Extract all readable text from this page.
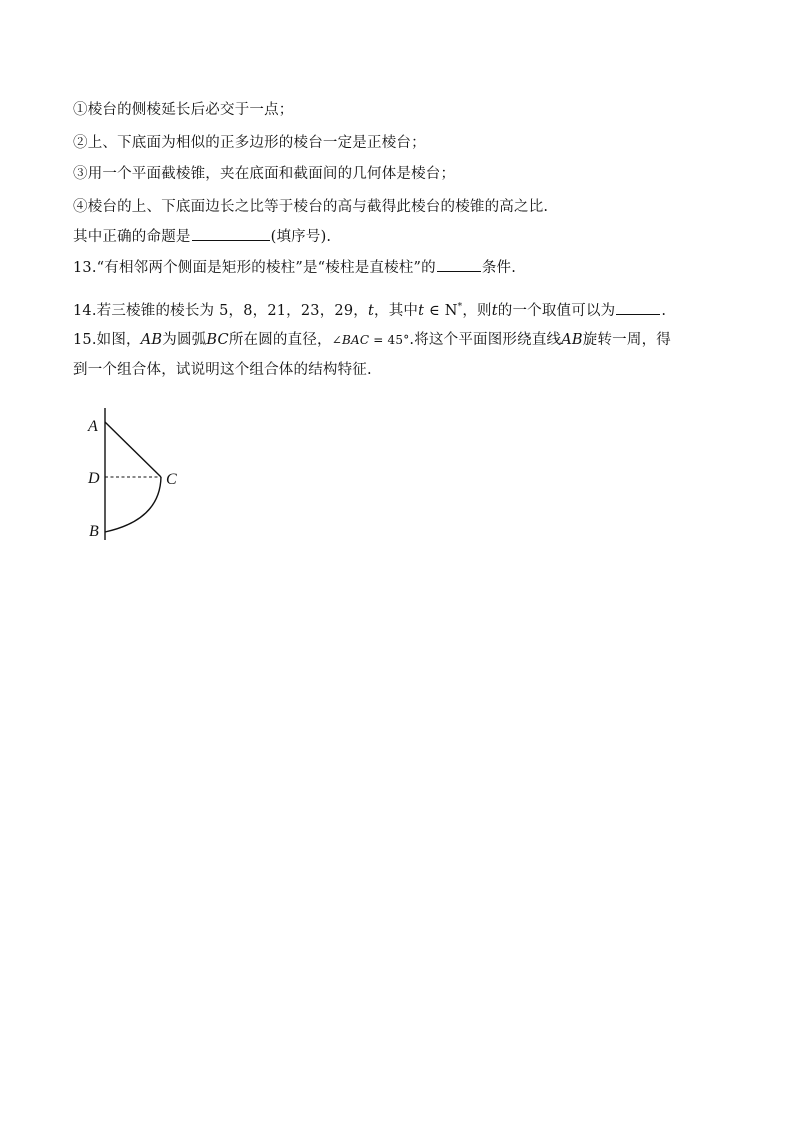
①棱台的侧棱延长后必交于一点；
②上、下底面为相似的正多边形的棱台一定是正棱台；
③用一个平面截棱锥，夹在底面和截面间的几何体是棱台；
④棱台的上、下底面边长之比等于棱台的高与截得此棱台的棱锥的高之比.
其中正确的命题是	(填序号).
13.“有相邻两个侧面是矩形的棱柱”是“棱柱是直棱柱”的	条件.
14.若三棱锥的棱长为 5，8，21，23，29，t，其中t ∈ N*，则t的一个取值可以为	.
15.如图，AB为圆弧BC所在圆的直径，∠BAC = 45°.将这个平面图形绕直线AB旋转一周，得
到一个组合体，试说明这个组合体的结构特征.
A
D	C
B
